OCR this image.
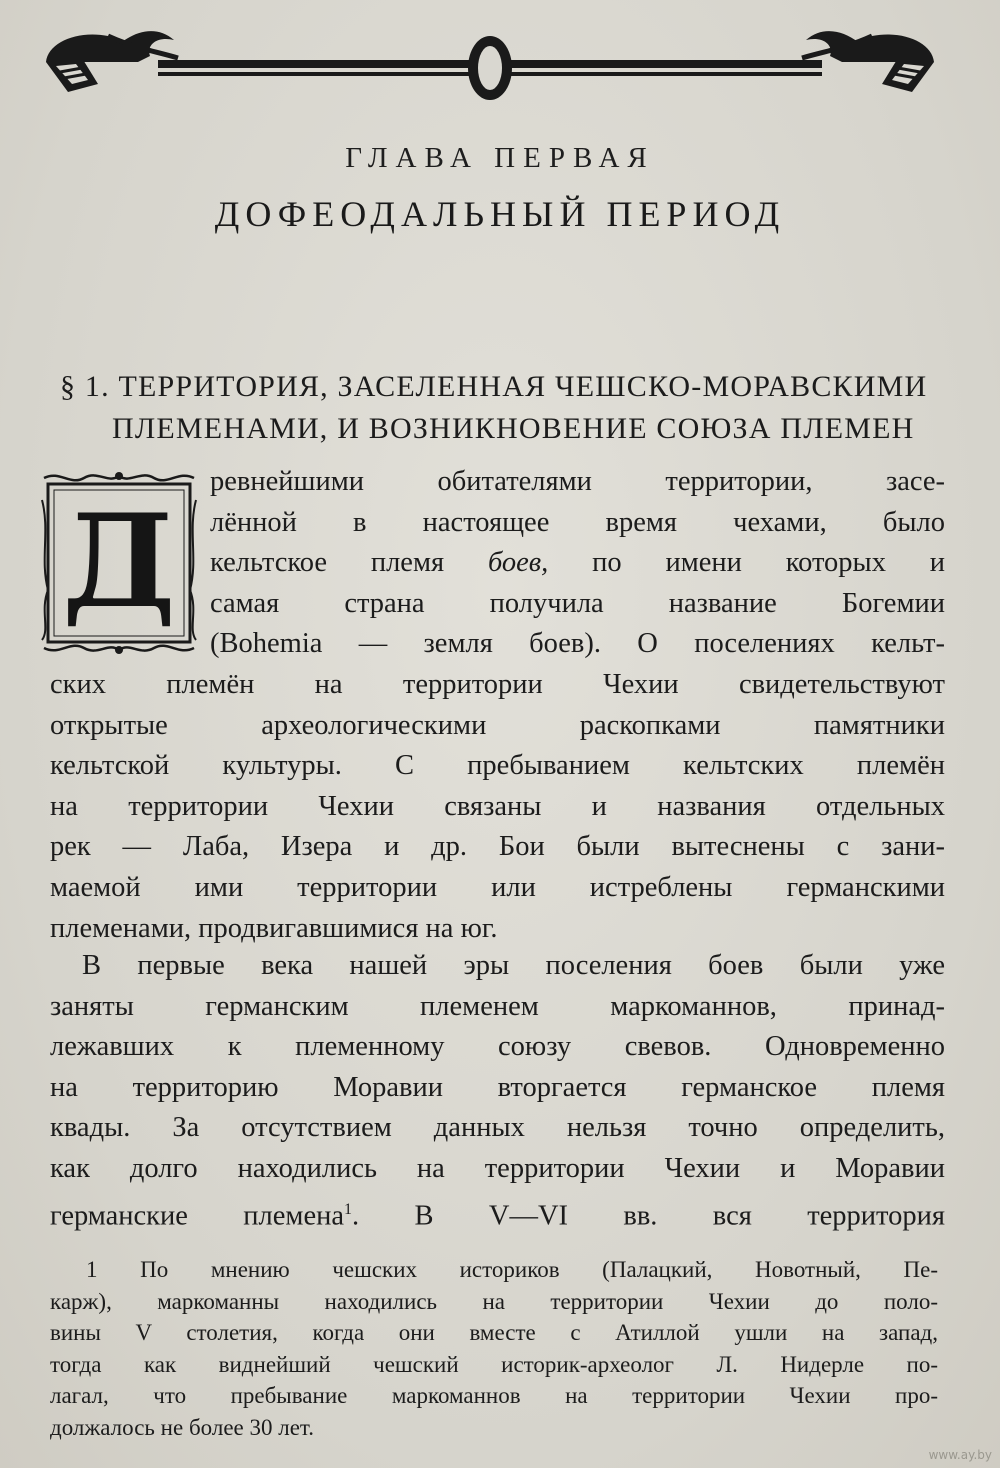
ГЛАВА ПЕРВАЯ
ДОФЕОДАЛЬНЫЙ ПЕРИОД
§ 1. ТЕРРИТОРИЯ, ЗАСЕЛЕННАЯ ЧЕШСКО-МОРАВСКИМИ
ПЛЕМЕНАМИ, И ВОЗНИКНОВЕНИЕ СОЮЗА ПЛЕМЕН
Д
ревнейшими обитателями территории, засе-
лённой в настоящее время чехами, было
кельтское племя боев, по имени которых и
самая страна получила название Богемии
(Bohemia — земля боев). О поселениях кельт-
ских племён на территории Чехии свидетельствуют
открытые археологическими раскопками памятники
кельтской культуры. С пребыванием кельтских племён
на территории Чехии связаны и названия отдельных
рек — Лаба, Изера и др. Бои были вытеснены с зани-
маемой ими территории или истреблены германскими
племенами, продвигавшимися на юг.
В первые века нашей эры поселения боев были уже
заняты германским племенем маркоманнов, принад-
лежавших к племенному союзу свевов. Одновременно
на территорию Моравии вторгается германское племя
квады. За отсутствием данных нельзя точно определить,
как долго находились на территории Чехии и Моравии
германские племена$^1$. В V—VI вв. вся территория
1 По мнению чешских историков (Палацкий, Новотный, Пе-
карж), маркоманны находились на территории Чехии до поло-
вины V столетия, когда они вместе с Атиллой ушли на запад,
тогда как виднейший чешский историк-археолог Л. Нидерле по-
лагал, что пребывание маркоманнов на территории Чехии про-
должалось не более 30 лет.
www.ay.by
